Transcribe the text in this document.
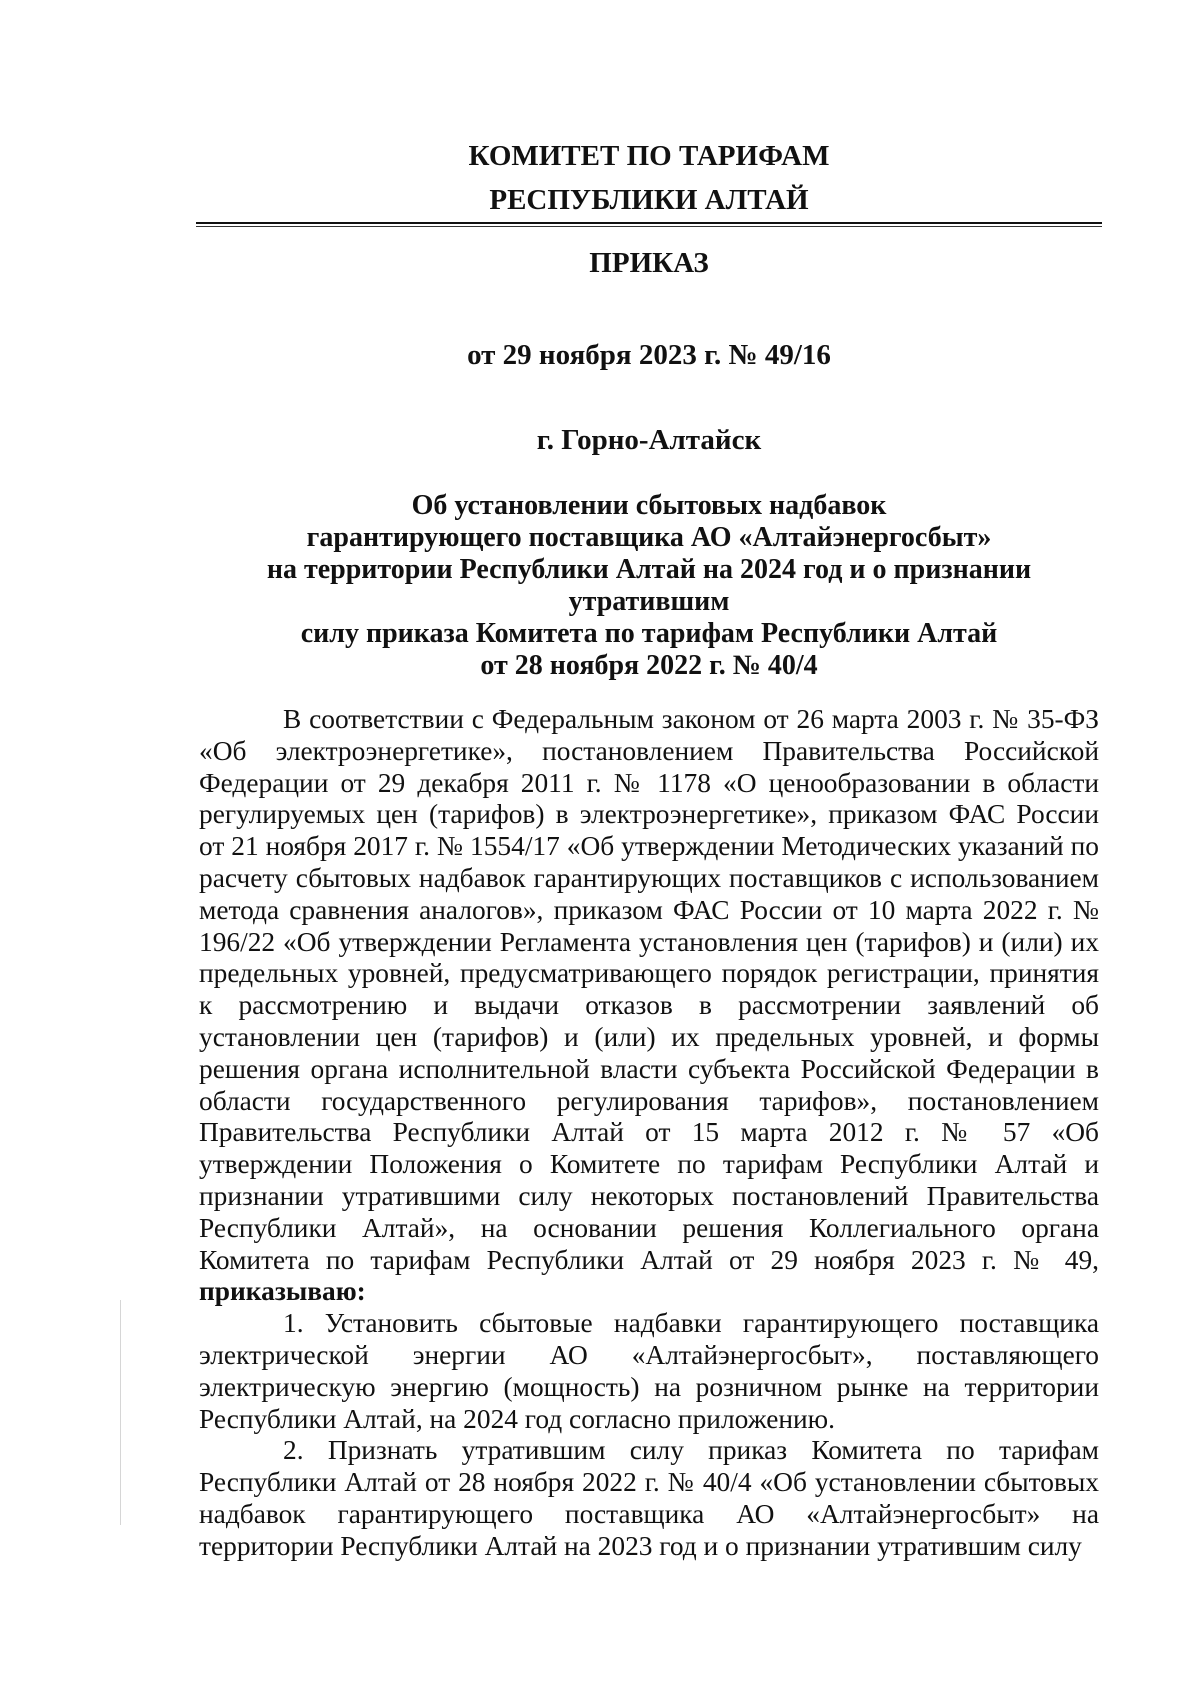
КОМИТЕТ ПО ТАРИФАМ
РЕСПУБЛИКИ АЛТАЙ
ПРИКАЗ
от 29 ноября 2023 г. № 49/16
г. Горно-Алтайск
Об установлении сбытовых надбавок
гарантирующего поставщика АО «Алтайэнергосбыт»
на территории Республики Алтай на 2024 год и о признании утратившим
силу приказа Комитета по тарифам Республики Алтай
от 28 ноября 2022 г. № 40/4

В соответствии с Федеральным законом от 26 марта 2003 г. № 35-ФЗ «Об электроэнергетике», постановлением Правительства Российской Федерации от 29 декабря 2011 г. № 1178 «О ценообразовании в области регулируемых цен (тарифов) в электроэнергетике», приказом ФАС России от 21 ноября 2017 г. № 1554/17 «Об утверждении Методических указаний по расчету сбытовых надбавок гарантирующих поставщиков с использованием метода сравнения аналогов», приказом ФАС России от 10 марта 2022 г. № 196/22 «Об утверждении Регламента установления цен (тарифов) и (или) их предельных уровней, предусматривающего порядок регистрации, принятия к рассмотрению и выдачи отказов в рассмотрении заявлений об установлении цен (тарифов) и (или) их предельных уровней, и формы решения органа исполнительной власти субъекта Российской Федерации в области государственного регулирования тарифов», постановлением Правительства Республики Алтай от 15 марта 2012 г. № 57 «Об утверждении Положения о Комитете по тарифам Республики Алтай и признании утратившими силу некоторых постановлений Правительства Республики Алтай», на основании решения Коллегиального органа Комитета по тарифам Республики Алтай от 29 ноября 2023 г. № 49, приказываю:

1. Установить сбытовые надбавки гарантирующего поставщика электрической энергии АО «Алтайэнергосбыт», поставляющего электрическую энергию (мощность) на розничном рынке на территории Республики Алтай, на 2024 год согласно приложению.

2. Признать утратившим силу приказ Комитета по тарифам Республики Алтай от 28 ноября 2022 г. № 40/4 «Об установлении сбытовых надбавок гарантирующего поставщика АО «Алтайэнергосбыт» на территории Республики Алтай на 2023 год и о признании утратившим силу
